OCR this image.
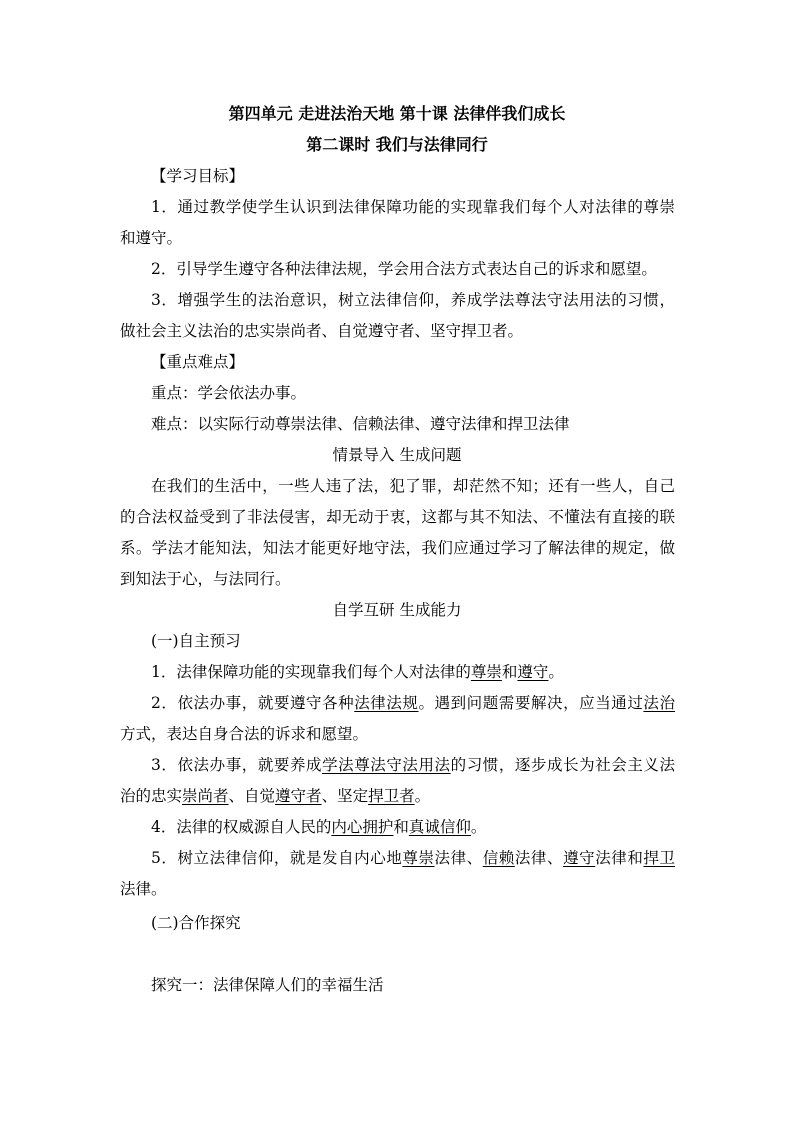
第四单元 走进法治天地 第十课 法律伴我们成长
第二课时 我们与法律同行
【学习目标】
1．通过教学使学生认识到法律保障功能的实现靠我们每个人对法律的尊崇
和遵守。
2．引导学生遵守各种法律法规，学会用合法方式表达自己的诉求和愿望。
3．增强学生的法治意识，树立法律信仰，养成学法尊法守法用法的习惯，
做社会主义法治的忠实崇尚者、自觉遵守者、坚守捍卫者。
【重点难点】
重点：学会依法办事。
难点：以实际行动尊崇法律、信赖法律、遵守法律和捍卫法律
情景导入 生成问题
在我们的生活中，一些人违了法，犯了罪，却茫然不知；还有一些人，自己
的合法权益受到了非法侵害，却无动于衷，这都与其不知法、不懂法有直接的联
系。学法才能知法，知法才能更好地守法，我们应通过学习了解法律的规定，做
到知法于心，与法同行。
自学互研 生成能力
(一)自主预习
1．法律保障功能的实现靠我们每个人对法律的尊崇和遵守。
2．依法办事，就要遵守各种法律法规。遇到问题需要解决，应当通过法治
方式，表达自身合法的诉求和愿望。
3．依法办事，就要养成学法尊法守法用法的习惯，逐步成长为社会主义法
治的忠实崇尚者、自觉遵守者、坚定捍卫者。
4．法律的权威源自人民的内心拥护和真诚信仰。
5．树立法律信仰，就是发自内心地尊崇法律、信赖法律、遵守法律和捍卫
法律。
(二)合作探究
探究一：法律保障人们的幸福生活
